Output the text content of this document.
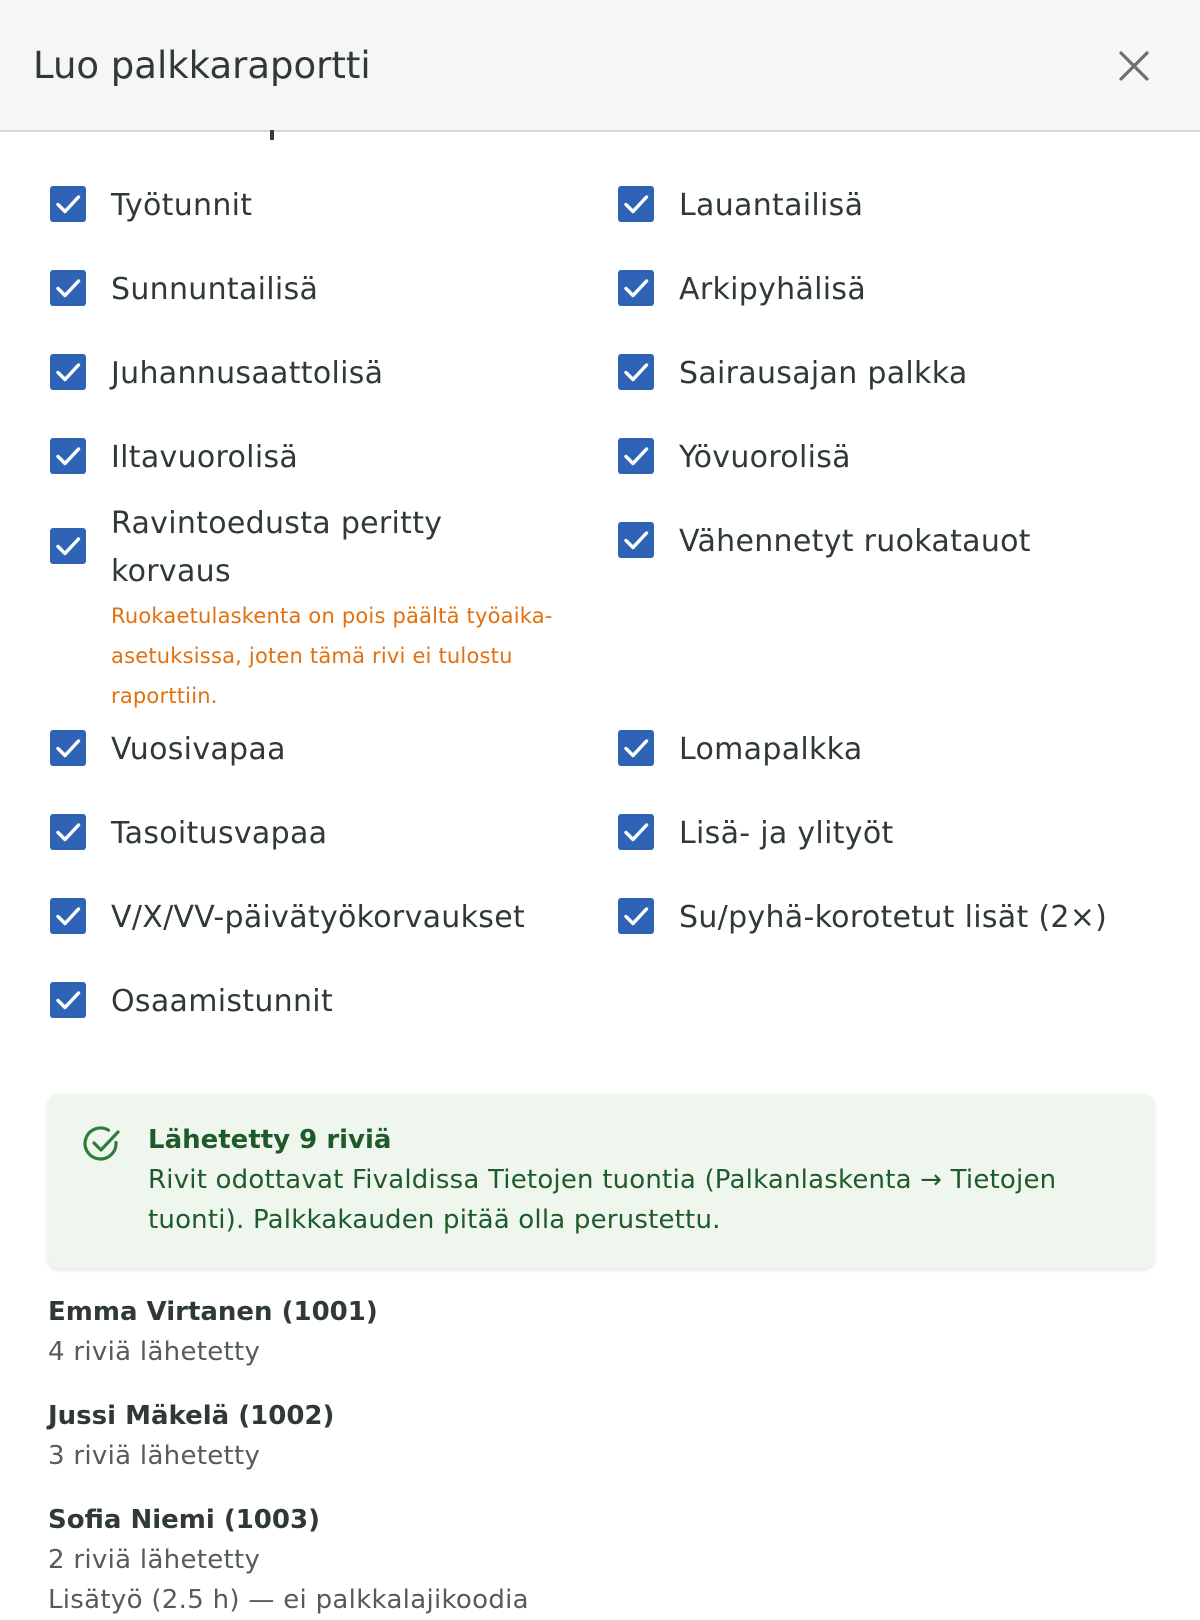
Luo palkkaraportti
Työtunnit	Lauantailisä
Sunnuntailisä	Arkipyhälisä
Juhannusaattolisä	Sairausajan palkka
Iltavuorolisä	Yövuorolisä
Ravintoedusta peritty korvaus
Ruokaetulaskenta on pois päältä työaika-asetuksissa, joten tämä rivi ei tulostu raporttiin.
Vähennetyt ruokatauot
Vuosivapaa	Lomapalkka
Tasoitusvapaa	Lisä- ja ylityöt
V/X/VV-päivätyökorvaukset	Su/pyhä-korotetut lisät (2×)
Osaamistunnit
Lähetetty 9 riviä
Rivit odottavat Fivaldissa Tietojen tuontia (Palkanlaskenta → Tietojen tuonti). Palkkakauden pitää olla perustettu.
Emma Virtanen (1001)
4 riviä lähetetty
Jussi Mäkelä (1002)
3 riviä lähetetty
Sofia Niemi (1003)
2 riviä lähetetty
Lisätyö (2.5 h) — ei palkkalajikoodia
